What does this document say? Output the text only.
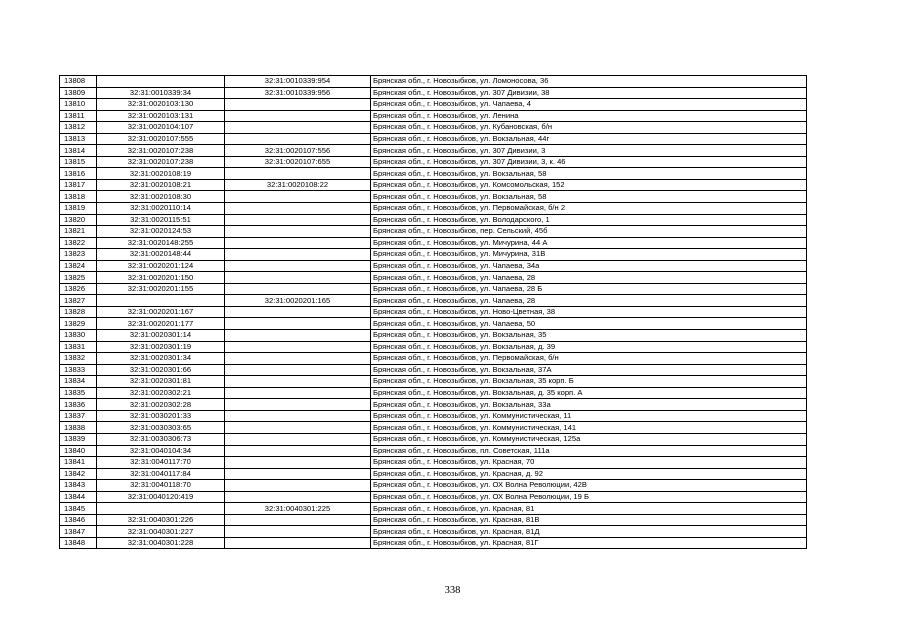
13808		32:31:0010339:954	Брянская обл., г. Новозыбков, ул. Ломоносова, 36
13809	32:31:0010339:34	32:31:0010339:956	Брянская обл., г. Новозыбков, ул. 307 Дивизии, 38
13810	32:31:0020103:130		Брянская обл., г. Новозыбков, ул. Чапаева, 4
13811	32:31:0020103:131		Брянская обл., г. Новозыбков, ул. Ленина
13812	32:31:0020104:107		Брянская обл., г. Новозыбков, ул. Кубановская, б/н
13813	32:31:0020107:555		Брянская обл., г. Новозыбков, ул. Вокзальная, 44г
13814	32:31:0020107:238	32:31:0020107:556	Брянская обл., г. Новозыбков, ул. 307 Дивизии, 3
13815	32:31:0020107:238	32:31:0020107:655	Брянская обл., г. Новозыбков, ул. 307 Дивизии, 3, к. 46
13816	32:31:0020108:19		Брянская обл., г. Новозыбков, ул. Вокзальная, 58
13817	32:31:0020108:21	32:31:0020108:22	Брянская обл., г. Новозыбков, ул. Комсомольская, 152
13818	32:31:0020108:30		Брянская обл., г. Новозыбков, ул. Вокзальная, 58
13819	32:31:0020110:14		Брянская обл., г. Новозыбков, ул. Первомайская, б/н 2
13820	32:31:0020115:51		Брянская обл., г. Новозыбков, ул. Володарского, 1
13821	32:31:0020124:53		Брянская обл., г. Новозыбков, пер. Сельский, 45б
13822	32:31:0020148:255		Брянская обл., г. Новозыбков, ул. Мичурина, 44 А
13823	32:31:0020148:44		Брянская обл., г. Новозыбков, ул. Мичурина, 31В
13824	32:31:0020201:124		Брянская обл., г. Новозыбков, ул. Чапаева, 34а
13825	32:31:0020201:150		Брянская обл., г. Новозыбков, ул. Чапаева, 28
13826	32:31:0020201:155		Брянская обл., г. Новозыбков, ул. Чапаева, 28 Б
13827		32:31:0020201:165	Брянская обл., г. Новозыбков, ул. Чапаева, 28
13828	32:31:0020201:167		Брянская обл., г. Новозыбков, ул. Ново-Цветная, 38
13829	32:31:0020201:177		Брянская обл., г. Новозыбков, ул. Чапаева, 50
13830	32:31:0020301:14		Брянская обл., г. Новозыбков, ул. Вокзальная, 35
13831	32:31:0020301:19		Брянская обл., г. Новозыбков, ул. Вокзальная, д. 39
13832	32:31:0020301:34		Брянская обл., г. Новозыбков, ул. Первомайская, б/н
13833	32:31:0020301:66		Брянская обл., г. Новозыбков, ул. Вокзальная, 37А
13834	32:31:0020301:81		Брянская обл., г. Новозыбков, ул. Вокзальная, 35 корп. Б
13835	32:31:0020302:21		Брянская обл., г. Новозыбков, ул. Вокзальная, д. 35 корп. А
13836	32:31:0020302:28		Брянская обл., г. Новозыбков, ул. Вокзальная, 33а
13837	32:31:0030201:33		Брянская обл., г. Новозыбков, ул. Коммунистическая, 11
13838	32:31:0030303:65		Брянская обл., г. Новозыбков, ул. Коммунистическая, 141
13839	32:31:0030306:73		Брянская обл., г. Новозыбков, ул. Коммунистическая, 125а
13840	32:31:0040104:34		Брянская обл., г. Новозыбков, пл. Советская, 111а
13841	32:31:0040117:70		Брянская обл., г. Новозыбков, ул. Красная, 70
13842	32:31:0040117:84		Брянская обл., г. Новозыбков, ул. Красная, д. 92
13843	32:31:0040118:70		Брянская обл., г. Новозыбков, ул. ОХ Волна Революции, 42В
13844	32:31:0040120:419		Брянская обл., г. Новозыбков, ул. ОХ Волна Революции, 19 Б
13845		32:31:0040301:225	Брянская обл., г. Новозыбков, ул. Красная, 81
13846	32:31:0040301:226		Брянская обл., г. Новозыбков, ул. Красная, 81В
13847	32:31:0040301:227		Брянская обл., г. Новозыбков, ул. Красная, 81Д
13848	32:31:0040301:228		Брянская обл., г. Новозыбков, ул. Красная, 81Г
338
